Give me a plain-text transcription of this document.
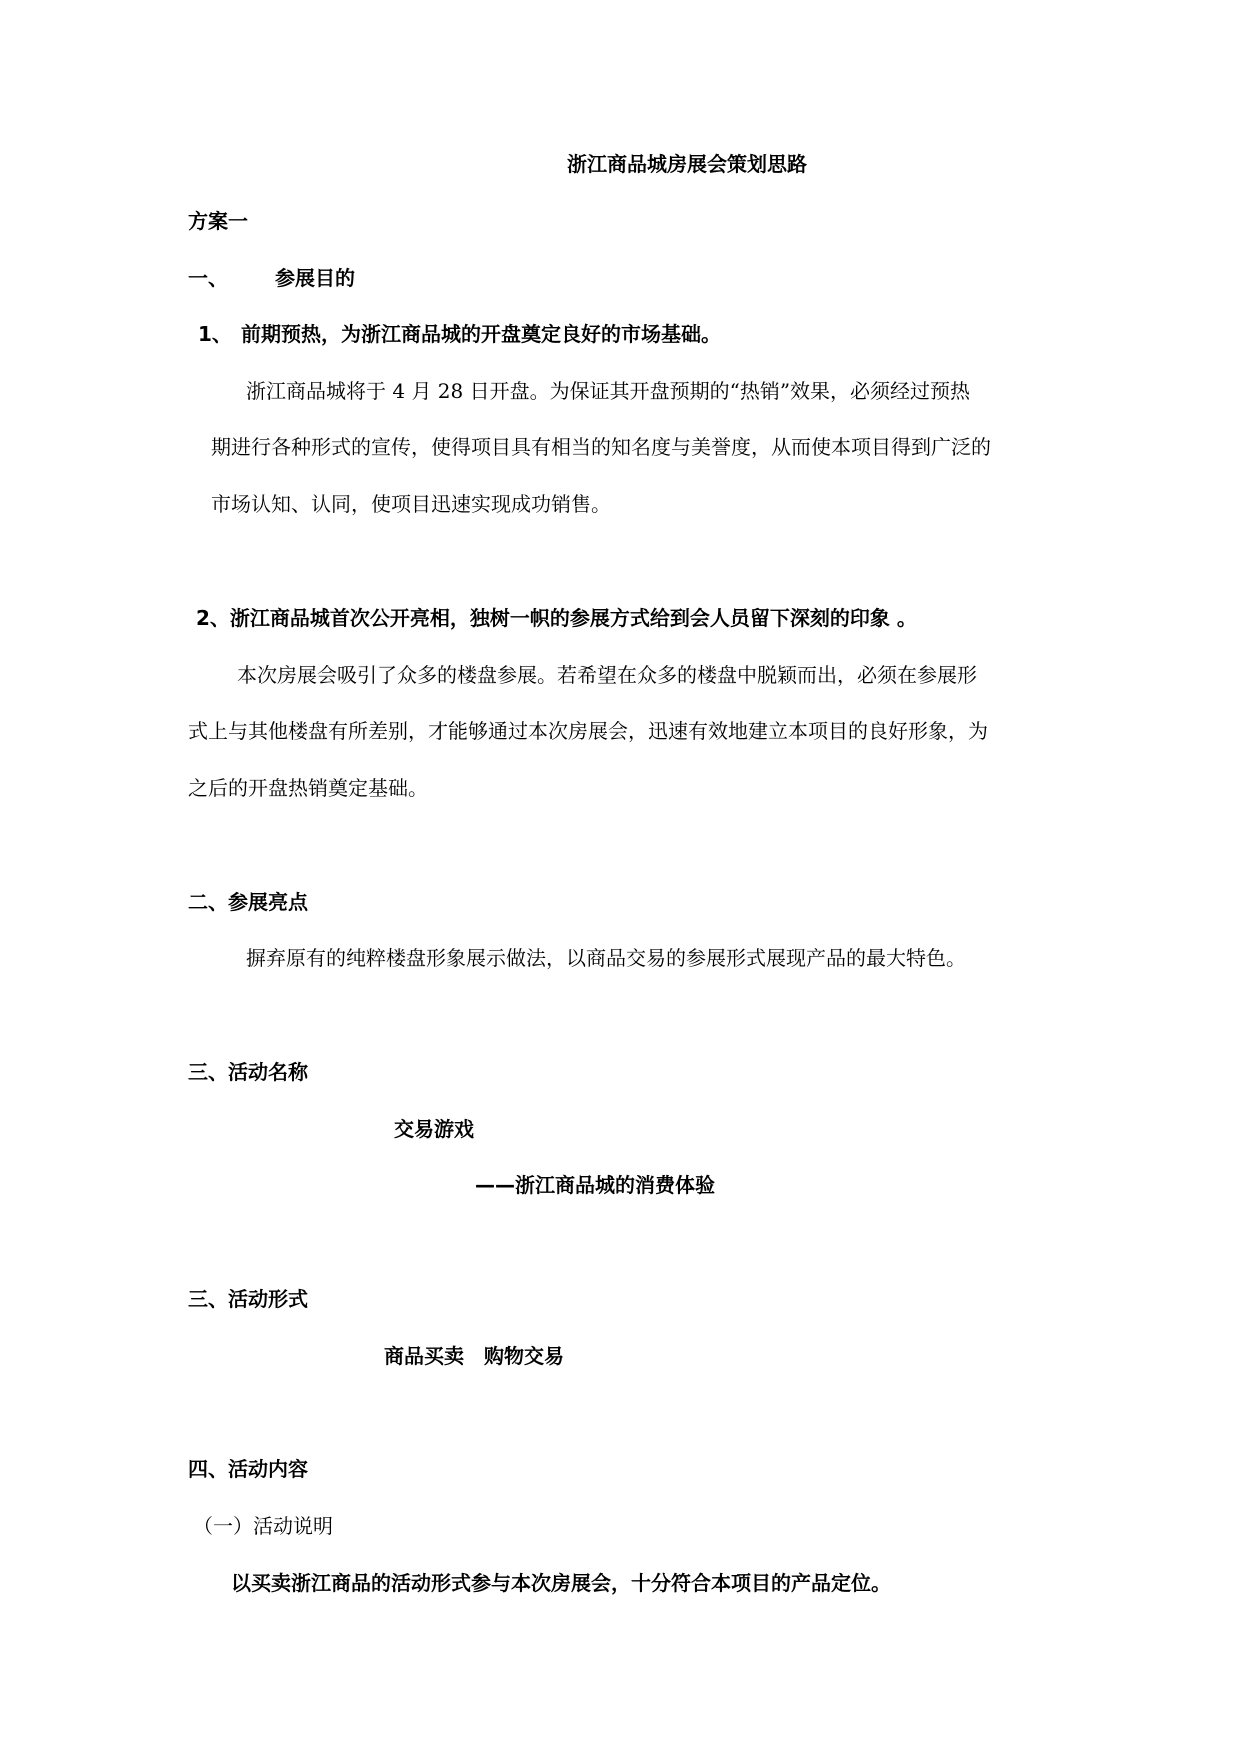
浙江商品城房展会策划思路
方案一
一、 参展目的
1、 前期预热，为浙江商品城的开盘奠定良好的市场基础。
浙江商品城将于 4 月 28 日开盘。为保证其开盘预期的“热销”效果，必须经过预热
期进行各种形式的宣传，使得项目具有相当的知名度与美誉度，从而使本项目得到广泛的
市场认知、认同，使项目迅速实现成功销售。
2、浙江商品城首次公开亮相，独树一帜的参展方式给到会人员留下深刻的印象 。
本次房展会吸引了众多的楼盘参展。若希望在众多的楼盘中脱颖而出，必须在参展形
式上与其他楼盘有所差别，才能够通过本次房展会，迅速有效地建立本项目的良好形象，为
之后的开盘热销奠定基础。
二、参展亮点
摒弃原有的纯粹楼盘形象展示做法，以商品交易的参展形式展现产品的最大特色。
三、活动名称
交易游戏
——浙江商品城的消费体验
三、活动形式
商品买卖　购物交易
四、活动内容
（一）活动说明
以买卖浙江商品的活动形式参与本次房展会，十分符合本项目的产品定位。
